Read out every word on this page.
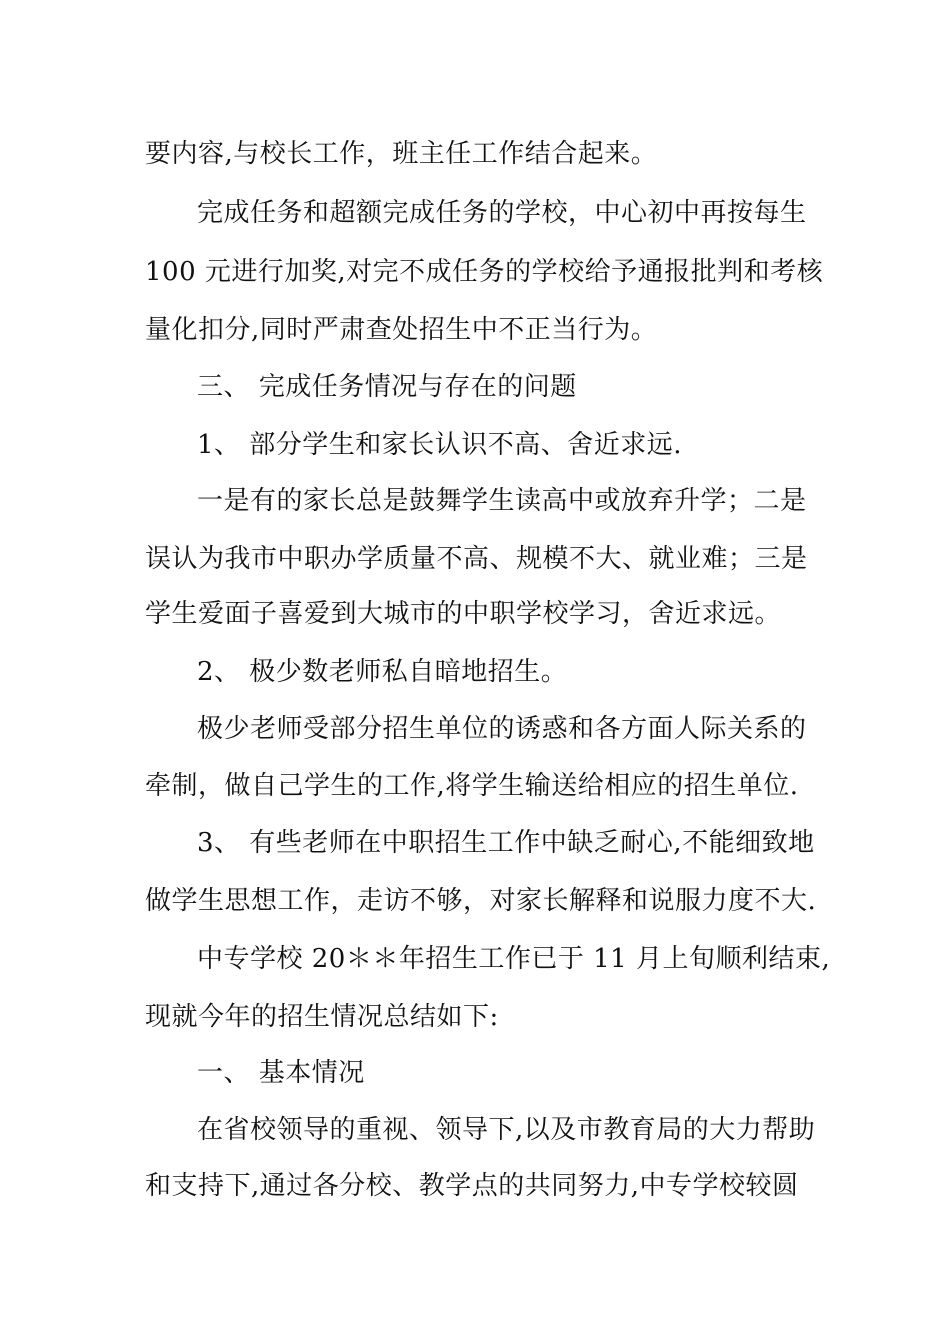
要内容,与校长工作，班主任工作结合起来。
完成任务和超额完成任务的学校，中心初中再按每生
100 元进行加奖,对完不成任务的学校给予通报批判和考核
量化扣分,同时严肃查处招生中不正当行为。
三、 完成任务情况与存在的问题
1、 部分学生和家长认识不高、舍近求远.
一是有的家长总是鼓舞学生读高中或放弃升学；二是
误认为我市中职办学质量不高、规模不大、就业难；三是
学生爱面子喜爱到大城市的中职学校学习，舍近求远。
2、 极少数老师私自暗地招生。
极少老师受部分招生单位的诱惑和各方面人际关系的
牵制，做自己学生的工作,将学生输送给相应的招生单位.
3、 有些老师在中职招生工作中缺乏耐心,不能细致地
做学生思想工作，走访不够，对家长解释和说服力度不大.
中专学校 20＊＊年招生工作已于 11 月上旬顺利结束,
现就今年的招生情况总结如下:
一、 基本情况
在省校领导的重视、领导下,以及市教育局的大力帮助
和支持下,通过各分校、教学点的共同努力,中专学校较圆
